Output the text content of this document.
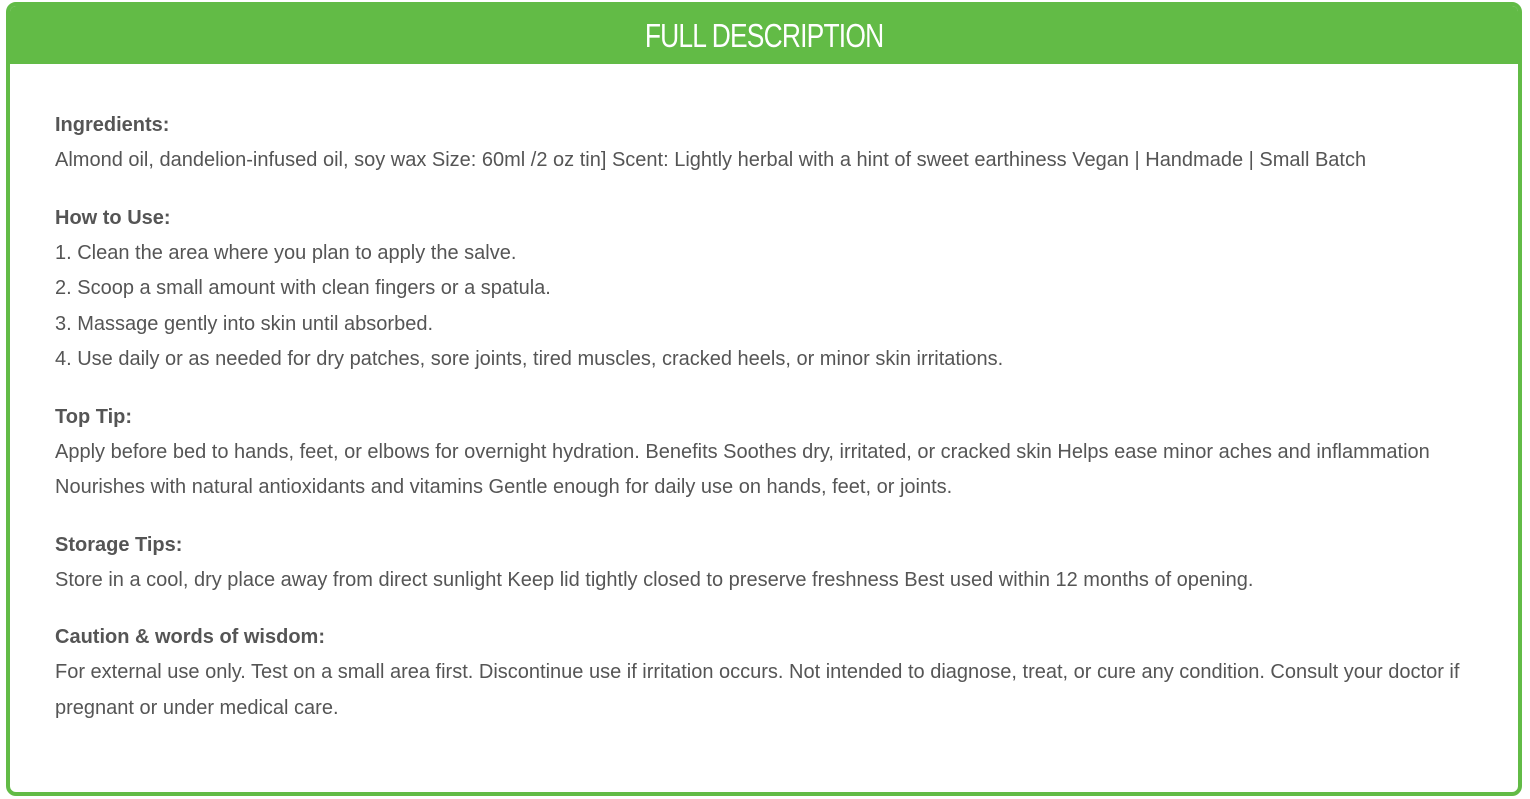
FULL DESCRIPTION

Ingredients:

Almond oil, dandelion-infused oil, soy wax Size: 60ml /2 oz tin] Scent: Lightly herbal with a hint of sweet earthiness Vegan | Handmade | Small Batch

How to Use:

1. Clean the area where you plan to apply the salve.
2. Scoop a small amount with clean fingers or a spatula.
3. Massage gently into skin until absorbed.
4. Use daily or as needed for dry patches, sore joints, tired muscles, cracked heels, or minor skin irritations.

Top Tip:

Apply before bed to hands, feet, or elbows for overnight hydration. Benefits Soothes dry, irritated, or cracked skin Helps ease minor aches and inflammation Nourishes with natural antioxidants and vitamins Gentle enough for daily use on hands, feet, or joints.

Storage Tips:

Store in a cool, dry place away from direct sunlight Keep lid tightly closed to preserve freshness Best used within 12 months of opening.

Caution & words of wisdom:

For external use only. Test on a small area first. Discontinue use if irritation occurs. Not intended to diagnose, treat, or cure any condition. Consult your doctor if pregnant or under medical care.
